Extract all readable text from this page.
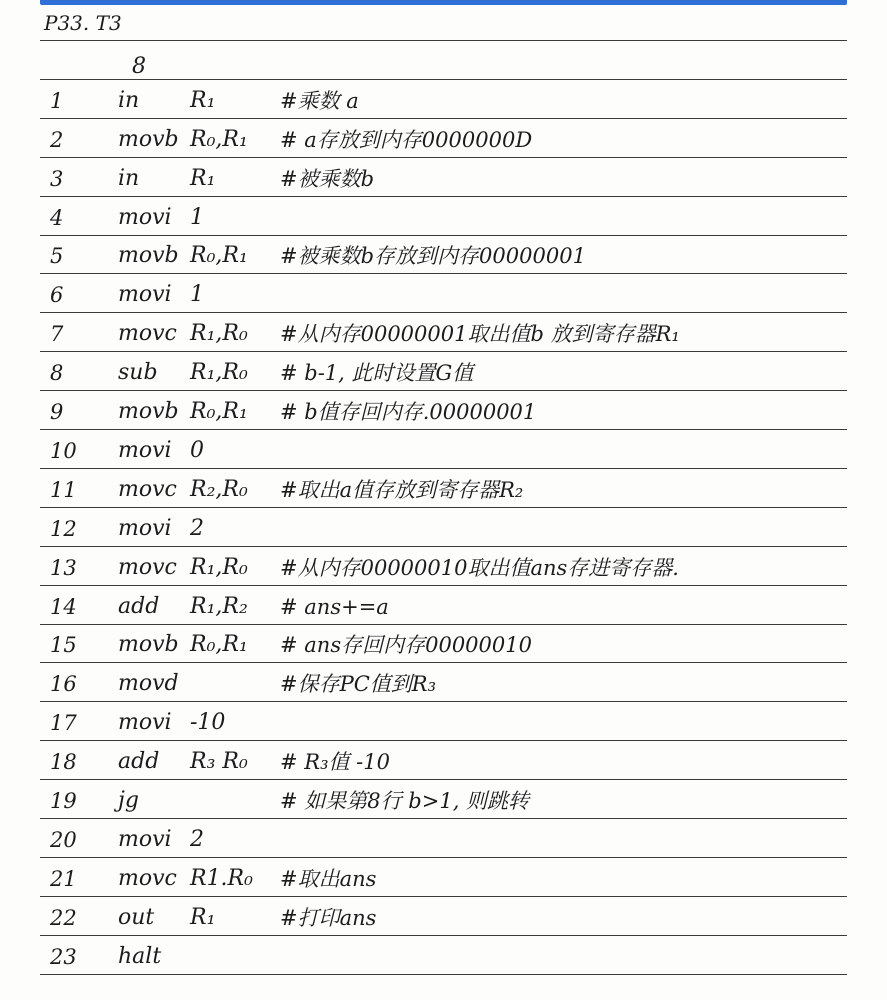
P33. T3
8
1	in R₁	#乘数 a
2	movb R₀,R₁ # a存放到内存0000000D
3	in R₁	#被乘数b
4	movi 1
5	movb R₀,R₁ #被乘数b存放到内存00000001
6	movi 1
7	movc R₁,R₀ #从内存00000001取出值b 放到寄存器R₁
8	sub R₁,R₀ # b-1, 此时设置G值
9	movb R₀,R₁ # b值存回内存.00000001
10	movi 0
11	movc R₂,R₀ #取出a值存放到寄存器R₂
12	movi 2
13	movc R₁,R₀ #从内存00000010取出值ans存进寄存器.
14	add R₁,R₂ # ans+=a
15	movb R₀,R₁ # ans存回内存00000010
16	movd	#保存PC值到R₃
17	movi -10
18	add R₃ R₀ # R₃值 -10
19	jg	# 如果第8行 b>1, 则跳转
20	movi 2
21	movc R1.R₀ #取出ans
22	out R₁	#打印ans
23	halt
